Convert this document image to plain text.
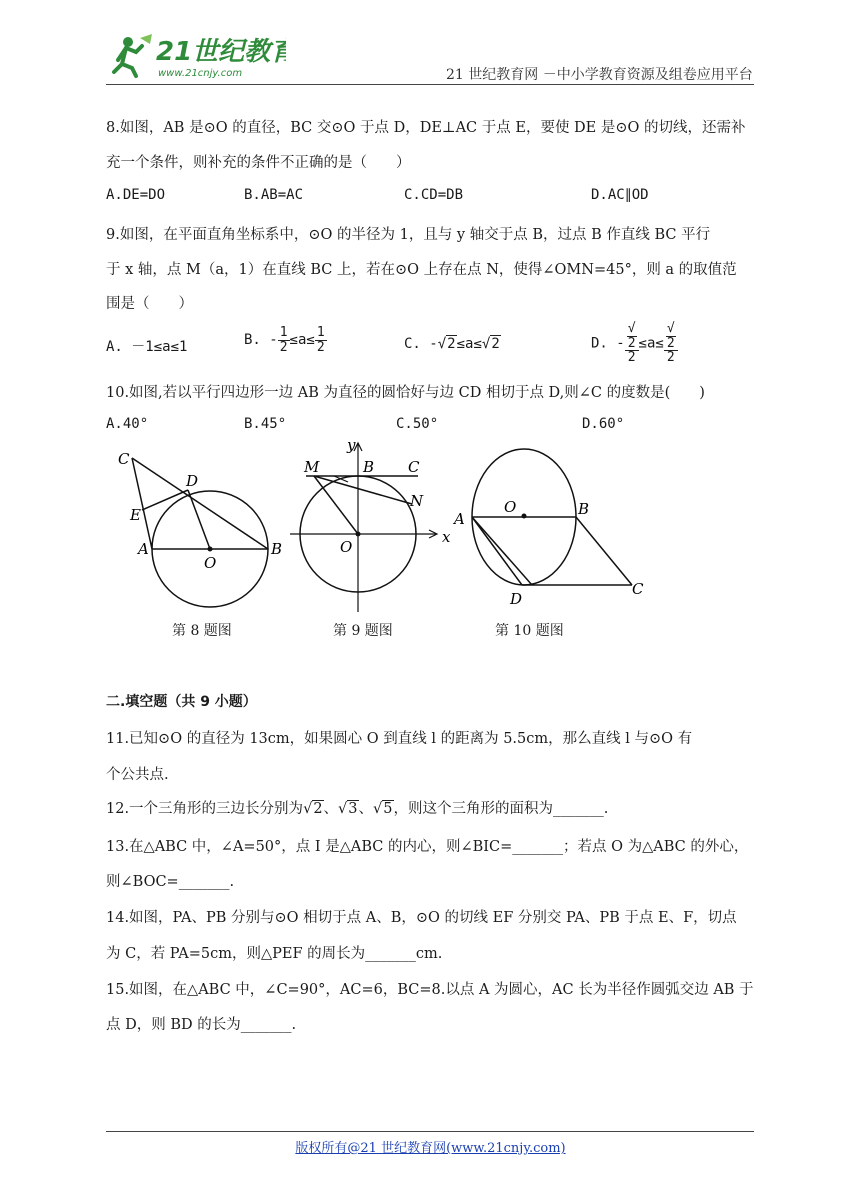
21世纪教育
www.21cnjy.com	21 世纪教育网 －中小学教育资源及组卷应用平台
8.如图，AB 是⊙O 的直径，BC 交⊙O 于点 D，DE⊥AC 于点 E，要使 DE 是⊙O 的切线，还需补
充一个条件，则补充的条件不正确的是（　　）
A.DE=DO	B.AB=AC	C.CD=DB	D.AC∥OD
9.如图，在平面直角坐标系中，⊙O 的半径为 1，且与 y 轴交于点 B，过点 B 作直线 BC 平行
于 x 轴，点 M（a，1）在直线 BC 上，若在⊙O 上存在点 N，使得∠OMN=45°，则 a 的取值范
围是（　　）
A. －1≤a≤1	B. - $\frac{1}{2} \le a\le \frac{1}{2}$	C. -√2≤a≤√2	D. - √
2
2 ≤a≤ √
2
2
10.如图,若以平行四边形一边 AB 为直径的圆恰好与边 CD 相切于点 D,则∠C 的度数是(　　)
A.40°	B.45°	C.50°	D.60°
C
D
E
A
O
B
y
M	B C
N
O
x
O
A
B
D
C
第 8 题图	第 9 题图	第 10 题图
二.填空题（共 9 小题）
11.已知⊙O 的直径为 13cm，如果圆心 O 到直线 l 的距离为 5.5cm，那么直线 l 与⊙O 有
个公共点.
12.一个三角形的三边长分别为√2、√3、√5，则这个三角形的面积为_______.
13.在△ABC 中，∠A=50°，点 I 是△ABC 的内心，则∠BIC=_______；若点 O 为△ABC 的外心，
则∠BOC=_______.
14.如图，PA、PB 分别与⊙O 相切于点 A、B，⊙O 的切线 EF 分别交 PA、PB 于点 E、F，切点
为 C，若 PA=5cm，则△PEF 的周长为_______cm.
15.如图，在△ABC 中，∠C=90°，AC=6，BC=8.以点 A 为圆心，AC 长为半径作圆弧交边 AB 于
点 D，则 BD 的长为_______.
版权所有@21 世纪教育网(www.21cnjy.com)
